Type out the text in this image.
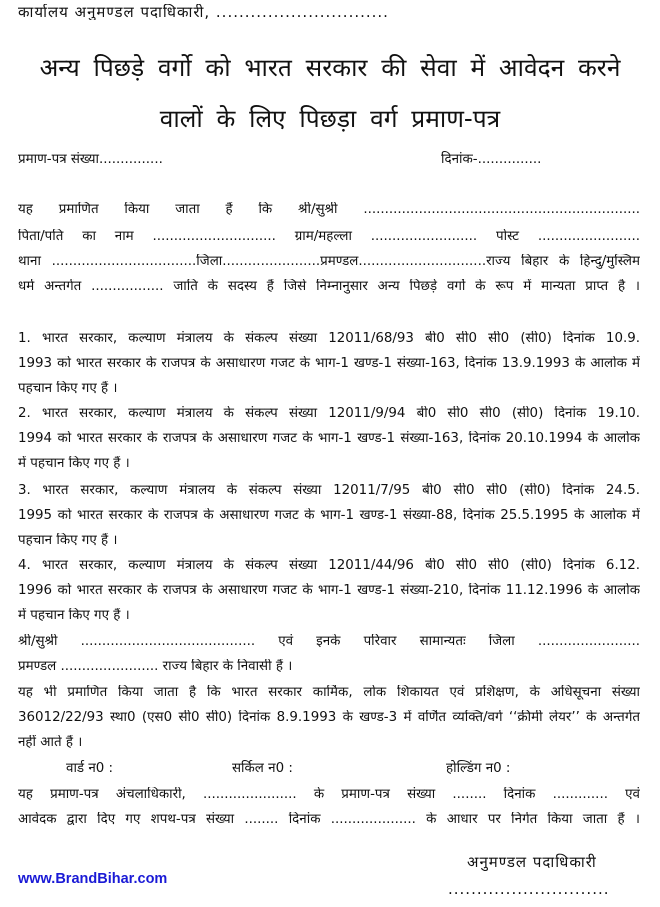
कार्यालय अनुमण्डल पदाधिकारी, ..............................
अन्य पिछड़े वर्गो को भारत सरकार की सेवा में आवेदन करने
वालों के लिए पिछड़ा वर्ग प्रमाण-पत्र
प्रमाण-पत्र संख्या...............	दिनांक-...............
यह प्रमाणित किया जाता हैं कि श्री/सुश्री .................................................................
पिता/पति का नाम ............................. ग्राम/महल्ला ......................... पोस्ट ........................
थाना ..................................जिला.......................प्रमण्डल..............................राज्य बिहार के हिन्दु/मुस्लिम
धर्म अन्तर्गत ................. जाति के सदस्य हैं जिसे निम्नानुसार अन्य पिछड़े वर्गो के रूप में मान्यता प्राप्त है ।
1. भारत सरकार, कल्याण मंत्रालय के संकल्प संख्या 12011/68/93 बी0 सी0 सी0 (सी0) दिनांक 10.9.
1993 को भारत सरकार के राजपत्र के असाधारण गजट के भाग-1 खण्ड-1 संख्या-163, दिनांक 13.9.1993 के आलोक में
पहचान किए गए हैं ।
2. भारत सरकार, कल्याण मंत्रालय के संकल्प संख्या 12011/9/94 बी0 सी0 सी0 (सी0) दिनांक 19.10.
1994 को भारत सरकार के राजपत्र के असाधारण गजट के भाग-1 खण्ड-1 संख्या-163, दिनांक 20.10.1994 के आलोक
में पहचान किए गए हैं ।
3. भारत सरकार, कल्याण मंत्रालय के संकल्प संख्या 12011/7/95 बी0 सी0 सी0 (सी0) दिनांक 24.5.
1995 को भारत सरकार के राजपत्र के असाधारण गजट के भाग-1 खण्ड-1 संख्या-88, दिनांक 25.5.1995 के आलोक में
पहचान किए गए हैं ।
4. भारत सरकार, कल्याण मंत्रालय के संकल्प संख्या 12011/44/96 बी0 सी0 सी0 (सी0) दिनांक 6.12.
1996 को भारत सरकार के राजपत्र के असाधारण गजट के भाग-1 खण्ड-1 संख्या-210, दिनांक 11.12.1996 के आलोक
में पहचान किए गए हैं ।
श्री/सुश्री ......................................... एवं इनके परिवार सामान्यतः जिला ........................
प्रमण्डल ....................... राज्य बिहार के निवासी हैं ।
यह भी प्रमाणित किया जाता है कि भारत सरकार कार्मिक, लोक शिकायत एवं प्रशिक्षण, के अधिसूचना संख्या
36012/22/93 स्था0 (एस0 सी0 सी0) दिनांक 8.9.1993 के खण्ड-3 में वर्णित व्यक्ति/वर्ग ‘‘क्रीमी लेयर’’ के अन्तर्गत
नहीं आते हैं ।
वार्ड न0 :	सर्किल न0 :	होल्डिंग न0 :
यह प्रमाण-पत्र अंचलाधिकारी, ...................... के प्रमाण-पत्र संख्या ........ दिनांक ............. एवं
आवेदक द्वारा दिए गए शपथ-पत्र संख्या ........ दिनांक .................... के आधार पर निर्गत किया जाता हैं ।
अनुमण्डल पदाधिकारी
............................
www.BrandBihar.com
